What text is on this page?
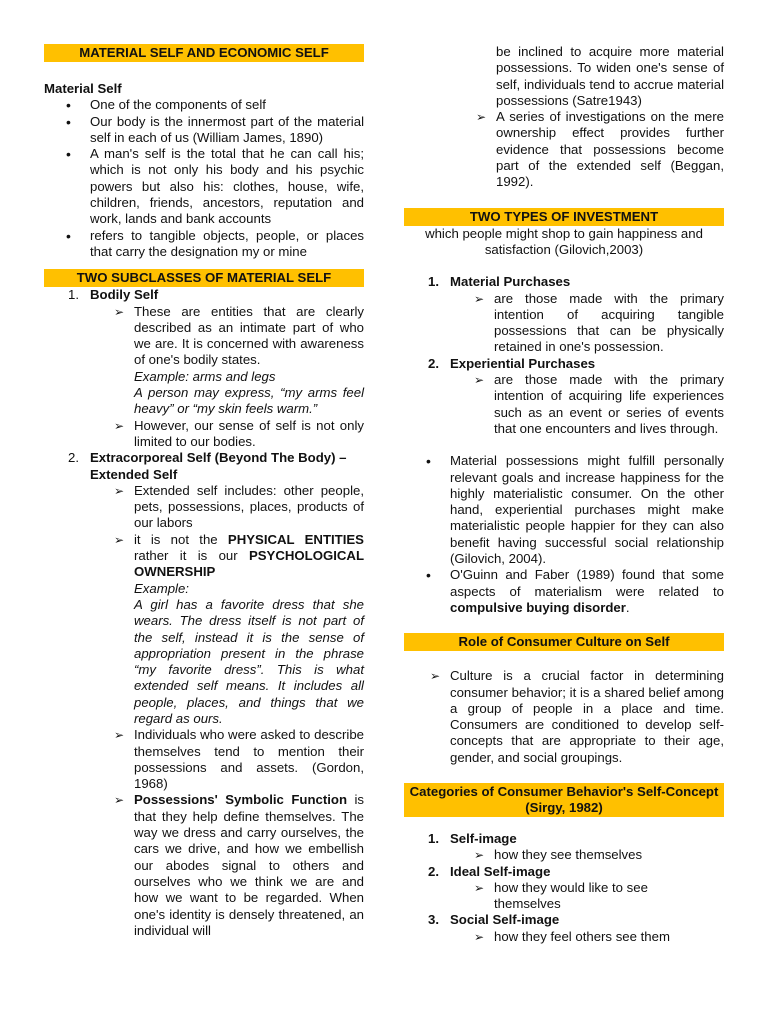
MATERIAL SELF AND ECONOMIC SELF
Material Self
• One of the components of self
• Our body is the innermost part of the material self in each of us (William James, 1890)
• A man's self is the total that he can call his; which is not only his body and his psychic powers but also his: clothes, house, wife, children, friends, ancestors, reputation and work, lands and bank accounts
• refers to tangible objects, people, or places that carry the designation my or mine
TWO SUBCLASSES OF MATERIAL SELF
1. Bodily Self
➢ These are entities that are clearly described as an intimate part of who we are. It is concerned with awareness of one's bodily states.
Example: arms and legs
A person may express, “my arms feel heavy” or “my skin feels warm.”
➢ However, our sense of self is not only limited to our bodies.
2. Extracorporeal Self (Beyond The Body) – Extended Self
➢ Extended self includes: other people, pets, possessions, places, products of our labors
➢ it is not the PHYSICAL ENTITIES rather it is our PSYCHOLOGICAL OWNERSHIP
Example:
A girl has a favorite dress that she wears. The dress itself is not part of the self, instead it is the sense of appropriation present in the phrase “my favorite dress”. This is what extended self means. It includes all people, places, and things that we regard as ours.
➢ Individuals who were asked to describe themselves tend to mention their possessions and assets. (Gordon, 1968)
➢ Possessions' Symbolic Function is that they help define themselves. The way we dress and carry ourselves, the cars we drive, and how we embellish our abodes signal to others and ourselves who we think we are and how we want to be regarded. When one's identity is densely threatened, an individual will
be inclined to acquire more material possessions. To widen one's sense of self, individuals tend to accrue material possessions (Satre1943)
➢ A series of investigations on the mere ownership effect provides further evidence that possessions become part of the extended self (Beggan, 1992).
TWO TYPES OF INVESTMENT
which people might shop to gain happiness and satisfaction (Gilovich,2003)
1. Material Purchases
➢ are those made with the primary intention of acquiring tangible possessions that can be physically retained in one's possession.
2. Experiential Purchases
➢ are those made with the primary intention of acquiring life experiences such as an event or series of events that one encounters and lives through.
• Material possessions might fulfill personally relevant goals and increase happiness for the highly materialistic consumer. On the other hand, experiential purchases might make materialistic people happier for they can also benefit having successful social relationship (Gilovich, 2004).
• O'Guinn and Faber (1989) found that some aspects of materialism were related to compulsive buying disorder.
Role of Consumer Culture on Self
➢ Culture is a crucial factor in determining consumer behavior; it is a shared belief among a group of people in a place and time. Consumers are conditioned to develop self-concepts that are appropriate to their age, gender, and social groupings.
Categories of Consumer Behavior's Self-Concept (Sirgy, 1982)
1. Self-image
➢ how they see themselves
2. Ideal Self-image
➢ how they would like to see themselves
3. Social Self-image
➢ how they feel others see them
